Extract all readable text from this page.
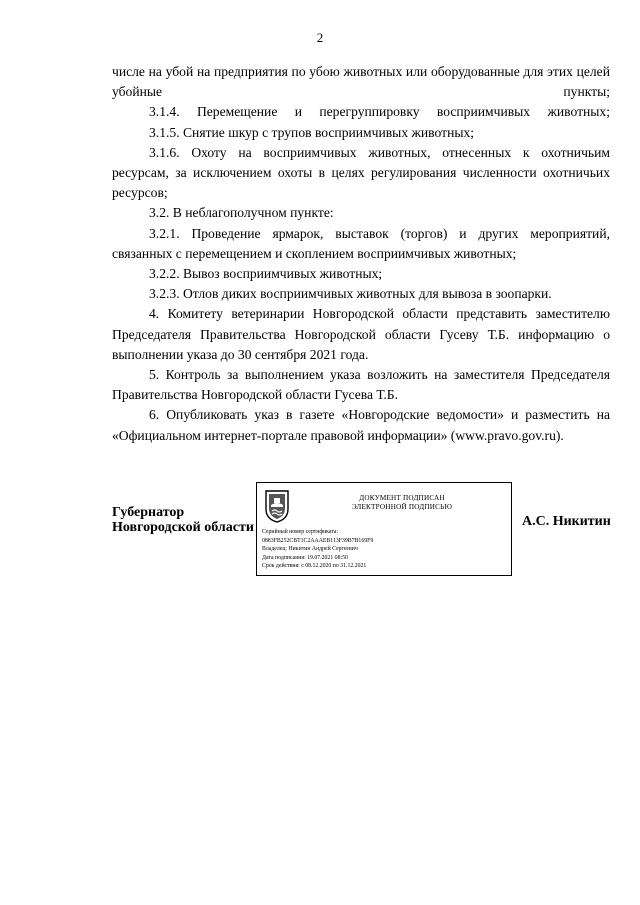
2

числе на убой на предприятия по убою животных или оборудованные для этих целей убойные пункты;

3.1.4. Перемещение и перегруппировку восприимчивых животных;

3.1.5. Снятие шкур с трупов восприимчивых животных;

3.1.6. Охоту на восприимчивых животных, отнесенных к охотничьим ресурсам, за исключением охоты в целях регулирования численности охотничьих ресурсов;

3.2. В неблагополучном пункте:

3.2.1. Проведение ярмарок, выставок (торгов) и других мероприятий, связанных с перемещением и скоплением восприимчивых животных;

3.2.2. Вывоз восприимчивых животных;

3.2.3. Отлов диких восприимчивых животных для вывоза в зоопарки.

4. Комитету ветеринарии Новгородской области представить заместителю Председателя Правительства Новгородской области Гусеву Т.Б. информацию о выполнении указа до 30 сентября 2021 года.

5. Контроль за выполнением указа возложить на заместителя Председателя Правительства Новгородской области Гусева Т.Б.

6. Опубликовать указ в газете «Новгородские ведомости» и разместить на «Официальном интернет-портале правовой информации» (www.pravo.gov.ru).

Губернатор
Новгородской области
ДОКУМЕНТ ПОДПИСАН
ЭЛЕКТРОННОЙ ПОДПИСЬЮ
Серийный номер сертификата:
0883FB252CBT1C2AAAEB113F39B7B169F9
Владелец: Никитин Андрей Сергеевич
Дата подписания: 19.07.2021 08:50
Срок действия: с 08.12.2020 по 31.12.2021
А.С. Никитин
